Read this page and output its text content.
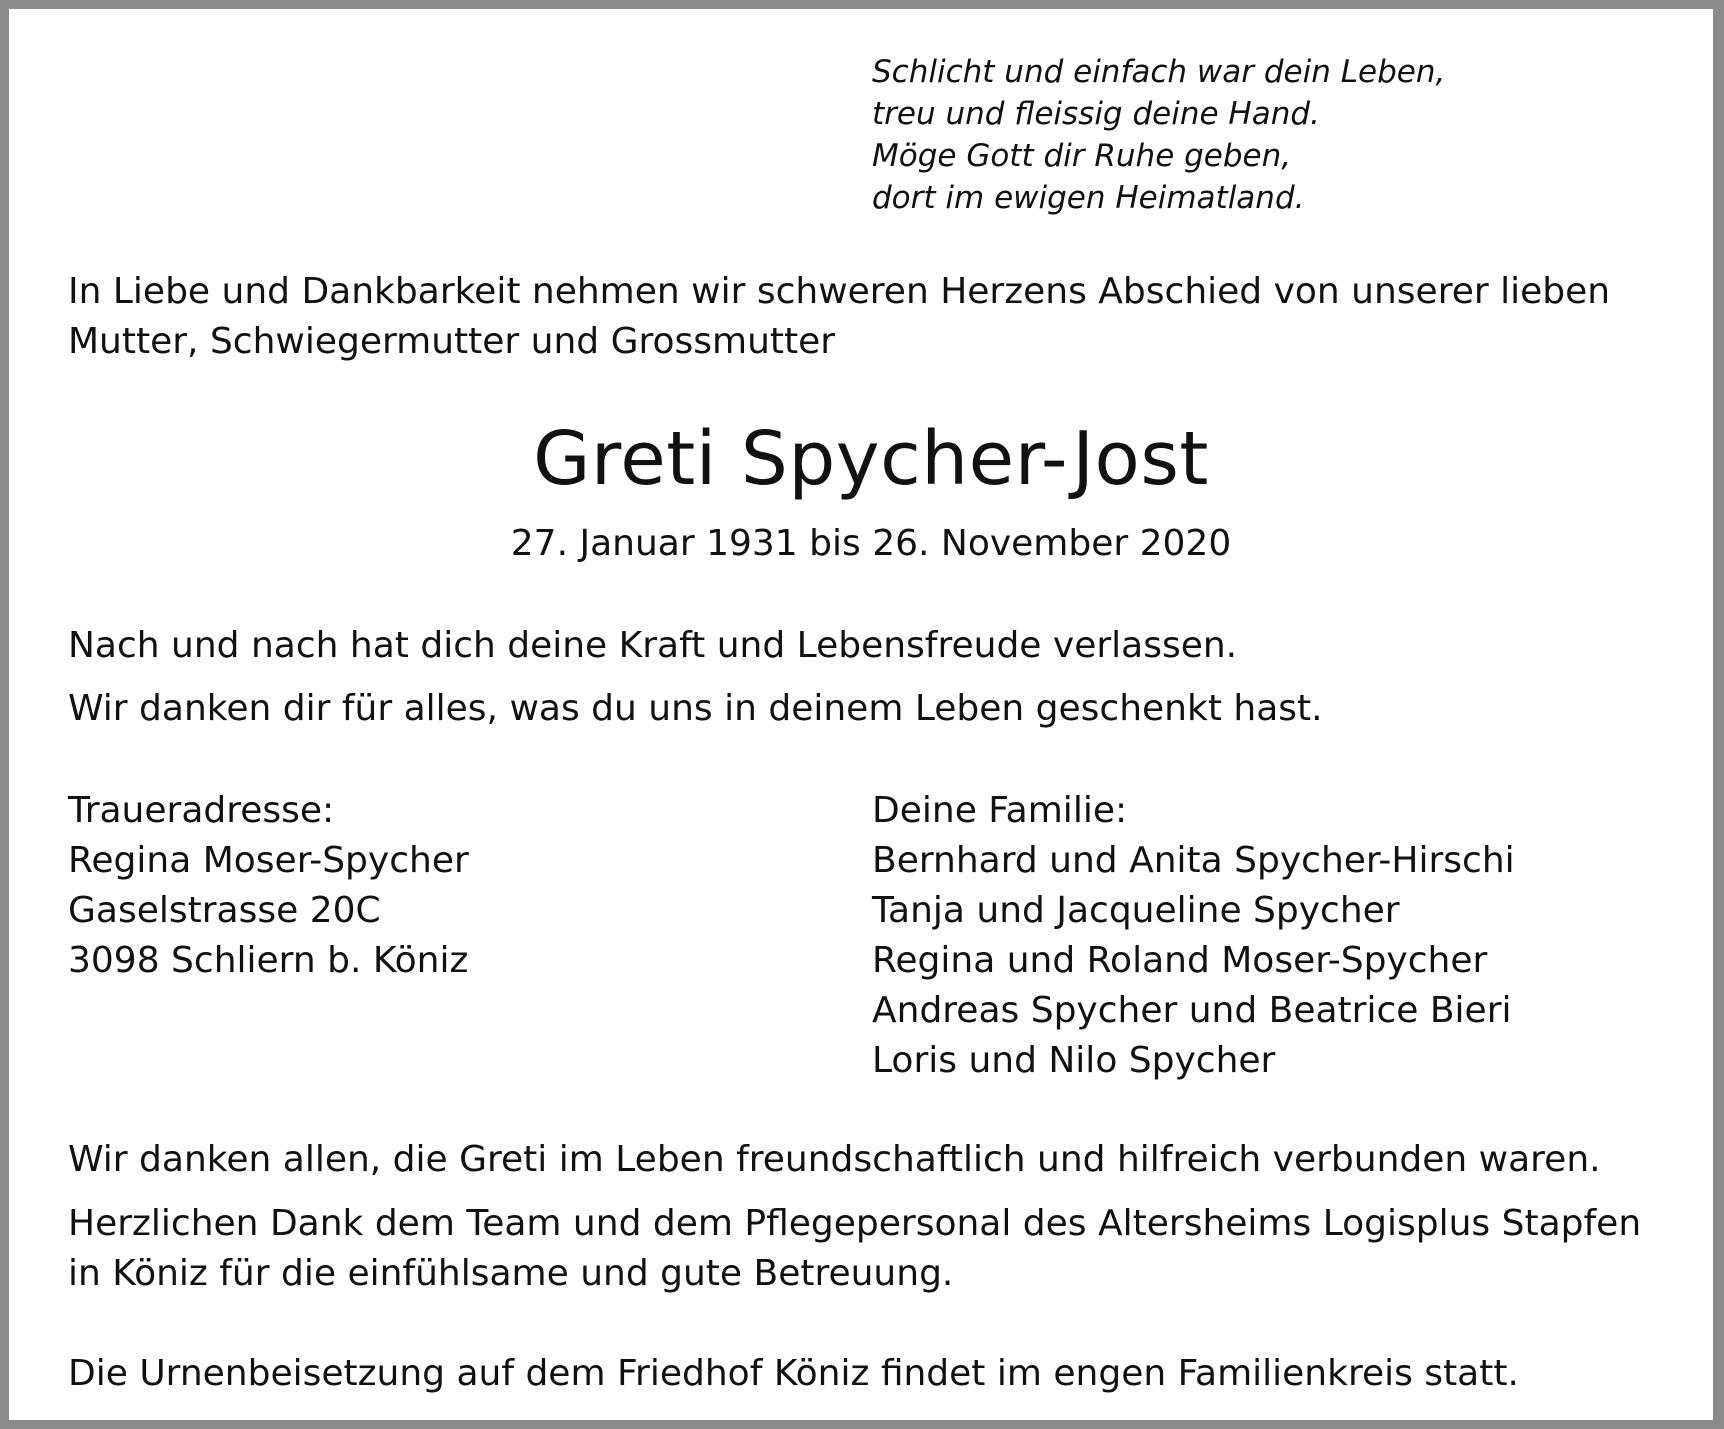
Schlicht und einfach war dein Leben,
treu und fleissig deine Hand.
Möge Gott dir Ruhe geben,
dort im ewigen Heimatland.
In Liebe und Dankbarkeit nehmen wir schweren Herzens Abschied von unserer lieben
Mutter, Schwiegermutter und Grossmutter
Greti Spycher-Jost
27. Januar 1931 bis 26. November 2020
Nach und nach hat dich deine Kraft und Lebensfreude verlassen.
Wir danken dir für alles, was du uns in deinem Leben geschenkt hast.
Traueradresse:
Regina Moser-Spycher
Gaselstrasse 20C
3098 Schliern b. Köniz
Deine Familie:
Bernhard und Anita Spycher-Hirschi
Tanja und Jacqueline Spycher
Regina und Roland Moser-Spycher
Andreas Spycher und Beatrice Bieri
Loris und Nilo Spycher
Wir danken allen, die Greti im Leben freundschaftlich und hilfreich verbunden waren.
Herzlichen Dank dem Team und dem Pflegepersonal des Altersheims Logisplus Stapfen
in Köniz für die einfühlsame und gute Betreuung.
Die Urnenbeisetzung auf dem Friedhof Köniz findet im engen Familienkreis statt.
